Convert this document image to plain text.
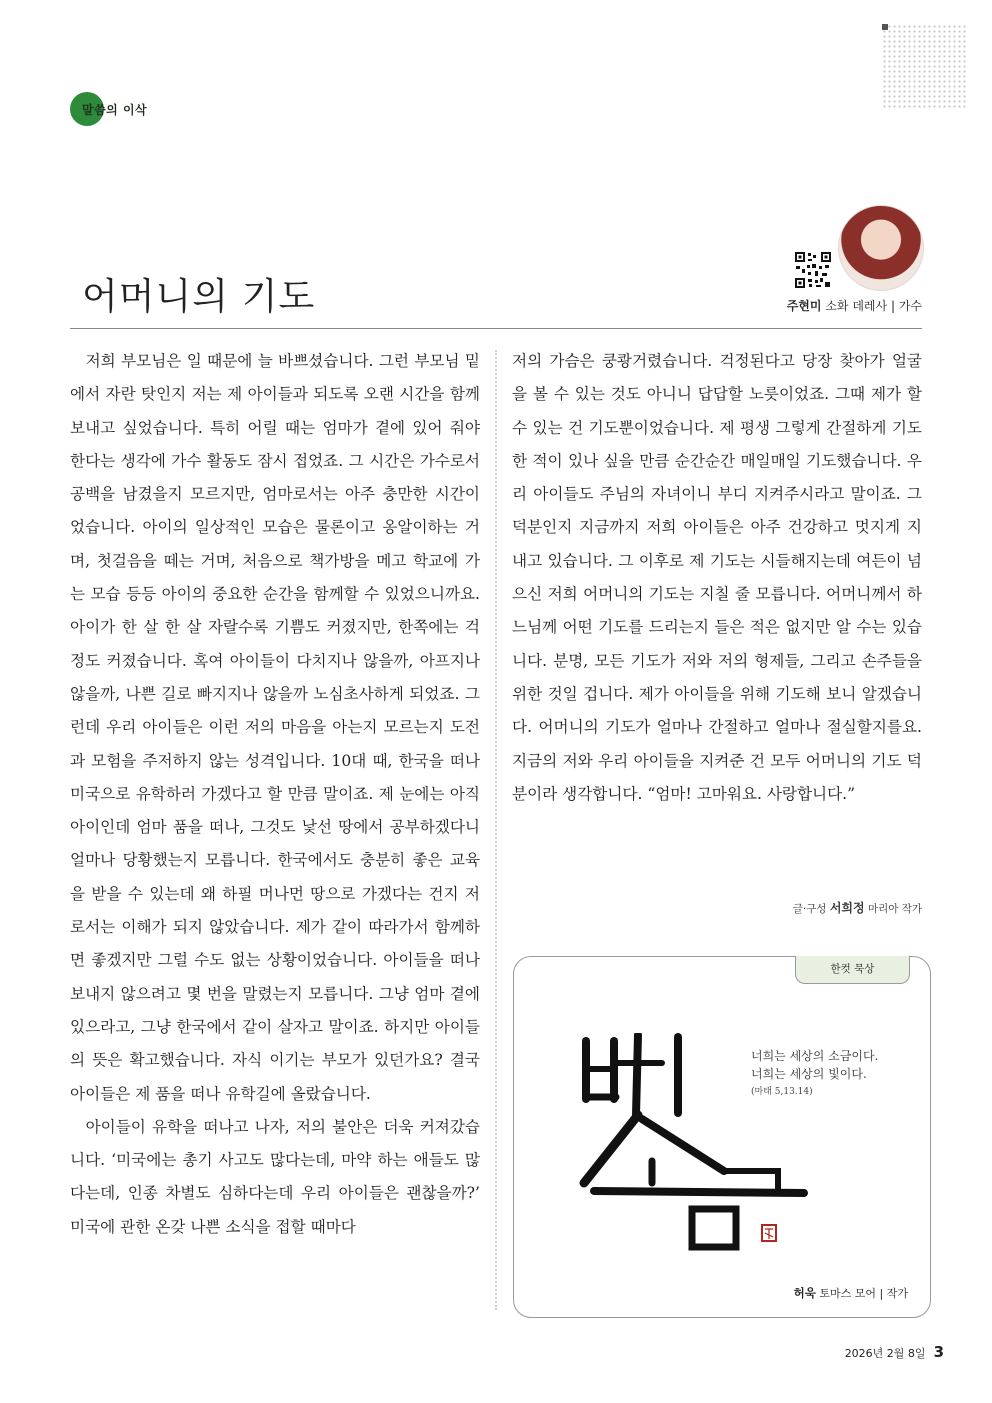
말씀의 이삭
어머니의 기도	주현미 소화 데레사 | 가수

저희 부모님은 일 때문에 늘 바쁘셨습니다. 그런 부모님 밑에서 자란 탓인지 저는 제 아이들과 되도록 오랜 시간을 함께 보내고 싶었습니다. 특히 어릴 때는 엄마가 곁에 있어 줘야 한다는 생각에 가수 활동도 잠시 접었죠. 그 시간은 가수로서 공백을 남겼을지 모르지만, 엄마로서는 아주 충만한 시간이었습니다. 아이의 일상적인 모습은 물론이고 옹알이하는 거며, 첫걸음을 떼는 거며, 처음으로 책가방을 메고 학교에 가는 모습 등등 아이의 중요한 순간을 함께할 수 있었으니까요. 아이가 한 살 한 살 자랄수록 기쁨도 커졌지만, 한쪽에는 걱정도 커졌습니다. 혹여 아이들이 다치지나 않을까, 아프지나 않을까, 나쁜 길로 빠지지나 않을까 노심초사하게 되었죠. 그런데 우리 아이들은 이런 저의 마음을 아는지 모르는지 도전과 모험을 주저하지 않는 성격입니다. 10대 때, 한국을 떠나 미국으로 유학하러 가겠다고 할 만큼 말이죠. 제 눈에는 아직 아이인데 엄마 품을 떠나, 그것도 낯선 땅에서 공부하겠다니 얼마나 당황했는지 모릅니다. 한국에서도 충분히 좋은 교육을 받을 수 있는데 왜 하필 머나먼 땅으로 가겠다는 건지 저로서는 이해가 되지 않았습니다. 제가 같이 따라가서 함께하면 좋겠지만 그럴 수도 없는 상황이었습니다. 아이들을 떠나보내지 않으려고 몇 번을 말렸는지 모릅니다. 그냥 엄마 곁에 있으라고, 그냥 한국에서 같이 살자고 말이죠. 하지만 아이들의 뜻은 확고했습니다. 자식 이기는 부모가 있던가요? 결국 아이들은 제 품을 떠나 유학길에 올랐습니다.

아이들이 유학을 떠나고 나자, 저의 불안은 더욱 커져갔습니다. ‘미국에는 총기 사고도 많다는데, 마약 하는 애들도 많다는데, 인종 차별도 심하다는데 우리 아이들은 괜찮을까?’ 미국에 관한 온갖 나쁜 소식을 접할 때마다

저의 가슴은 쿵쾅거렸습니다. 걱정된다고 당장 찾아가 얼굴을 볼 수 있는 것도 아니니 답답할 노릇이었죠. 그때 제가 할 수 있는 건 기도뿐이었습니다. 제 평생 그렇게 간절하게 기도한 적이 있나 싶을 만큼 순간순간 매일매일 기도했습니다. 우리 아이들도 주님의 자녀이니 부디 지켜주시라고 말이죠. 그 덕분인지 지금까지 저희 아이들은 아주 건강하고 멋지게 지내고 있습니다. 그 이후로 제 기도는 시들해지는데 여든이 넘으신 저희 어머니의 기도는 지칠 줄 모릅니다. 어머니께서 하느님께 어떤 기도를 드리는지 들은 적은 없지만 알 수는 있습니다. 분명, 모든 기도가 저와 저의 형제들, 그리고 손주들을 위한 것일 겁니다. 제가 아이들을 위해 기도해 보니 알겠습니다. 어머니의 기도가 얼마나 간절하고 얼마나 절실할지를요. 지금의 저와 우리 아이들을 지켜준 건 모두 어머니의 기도 덕분이라 생각합니다. “엄마! 고마워요. 사랑합니다.”

글·구성 서희정 마리아 작가
한컷 묵상
너희는 세상의 소금이다.
너희는 세상의 빛이다.
(마태 5,13.14)
허욱 토마스 모어 | 작가
2026년 2월 8일 3
